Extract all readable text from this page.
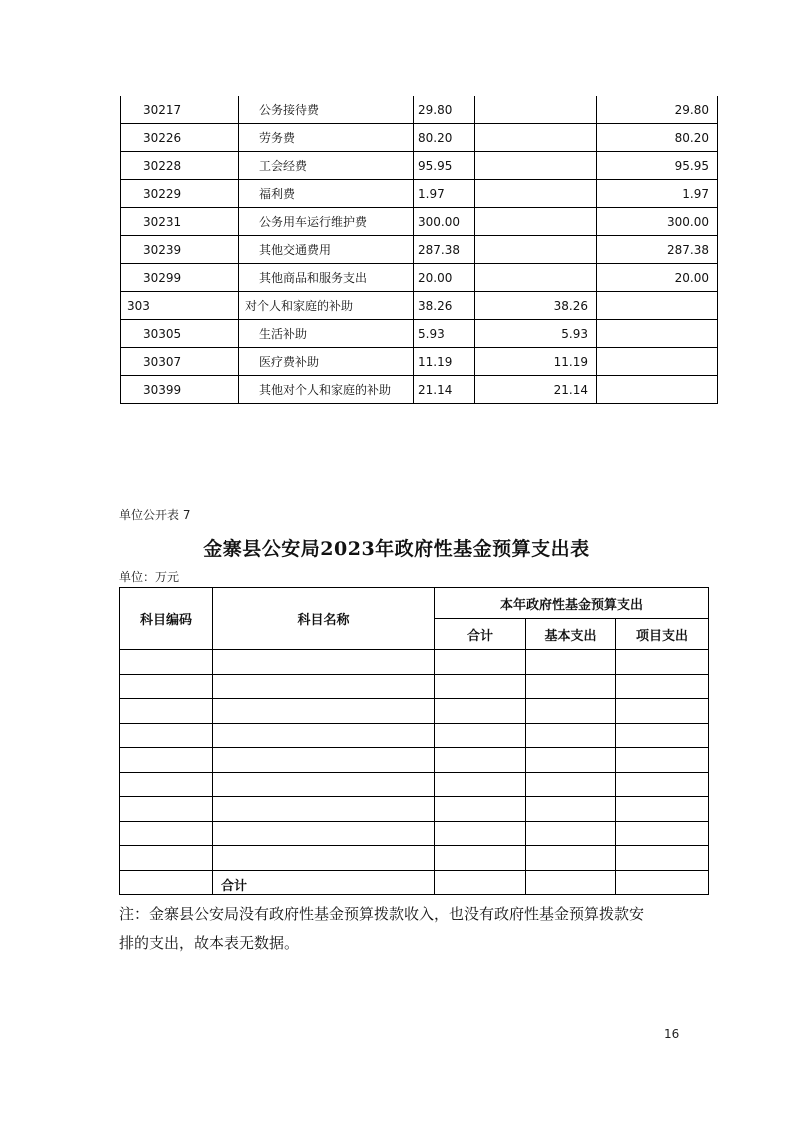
30217	公务接待费	29.80		29.80
30226	劳务费	80.20		80.20
30228	工会经费	95.95		95.95
30229	福利费	1.97		1.97
30231	公务用车运行维护费	300.00		300.00
30239	其他交通费用	287.38		287.38
30299	其他商品和服务支出	20.00		20.00
303	对个人和家庭的补助	38.26	38.26	
30305	生活补助	5.93	5.93	
30307	医疗费补助	11.19	11.19	
30399	其他对个人和家庭的补助	21.14	21.14	
单位公开表 7
金寨县公安局2023年政府性基金预算支出表
单位：万元
科目编码	科目名称	本年政府性基金预算支出		
		合计	基本支出	项目支出

	合计			

注：金寨县公安局没有政府性基金预算拨款收入，也没有政府性基金预算拨款安

排的支出，故本表无数据。

16
